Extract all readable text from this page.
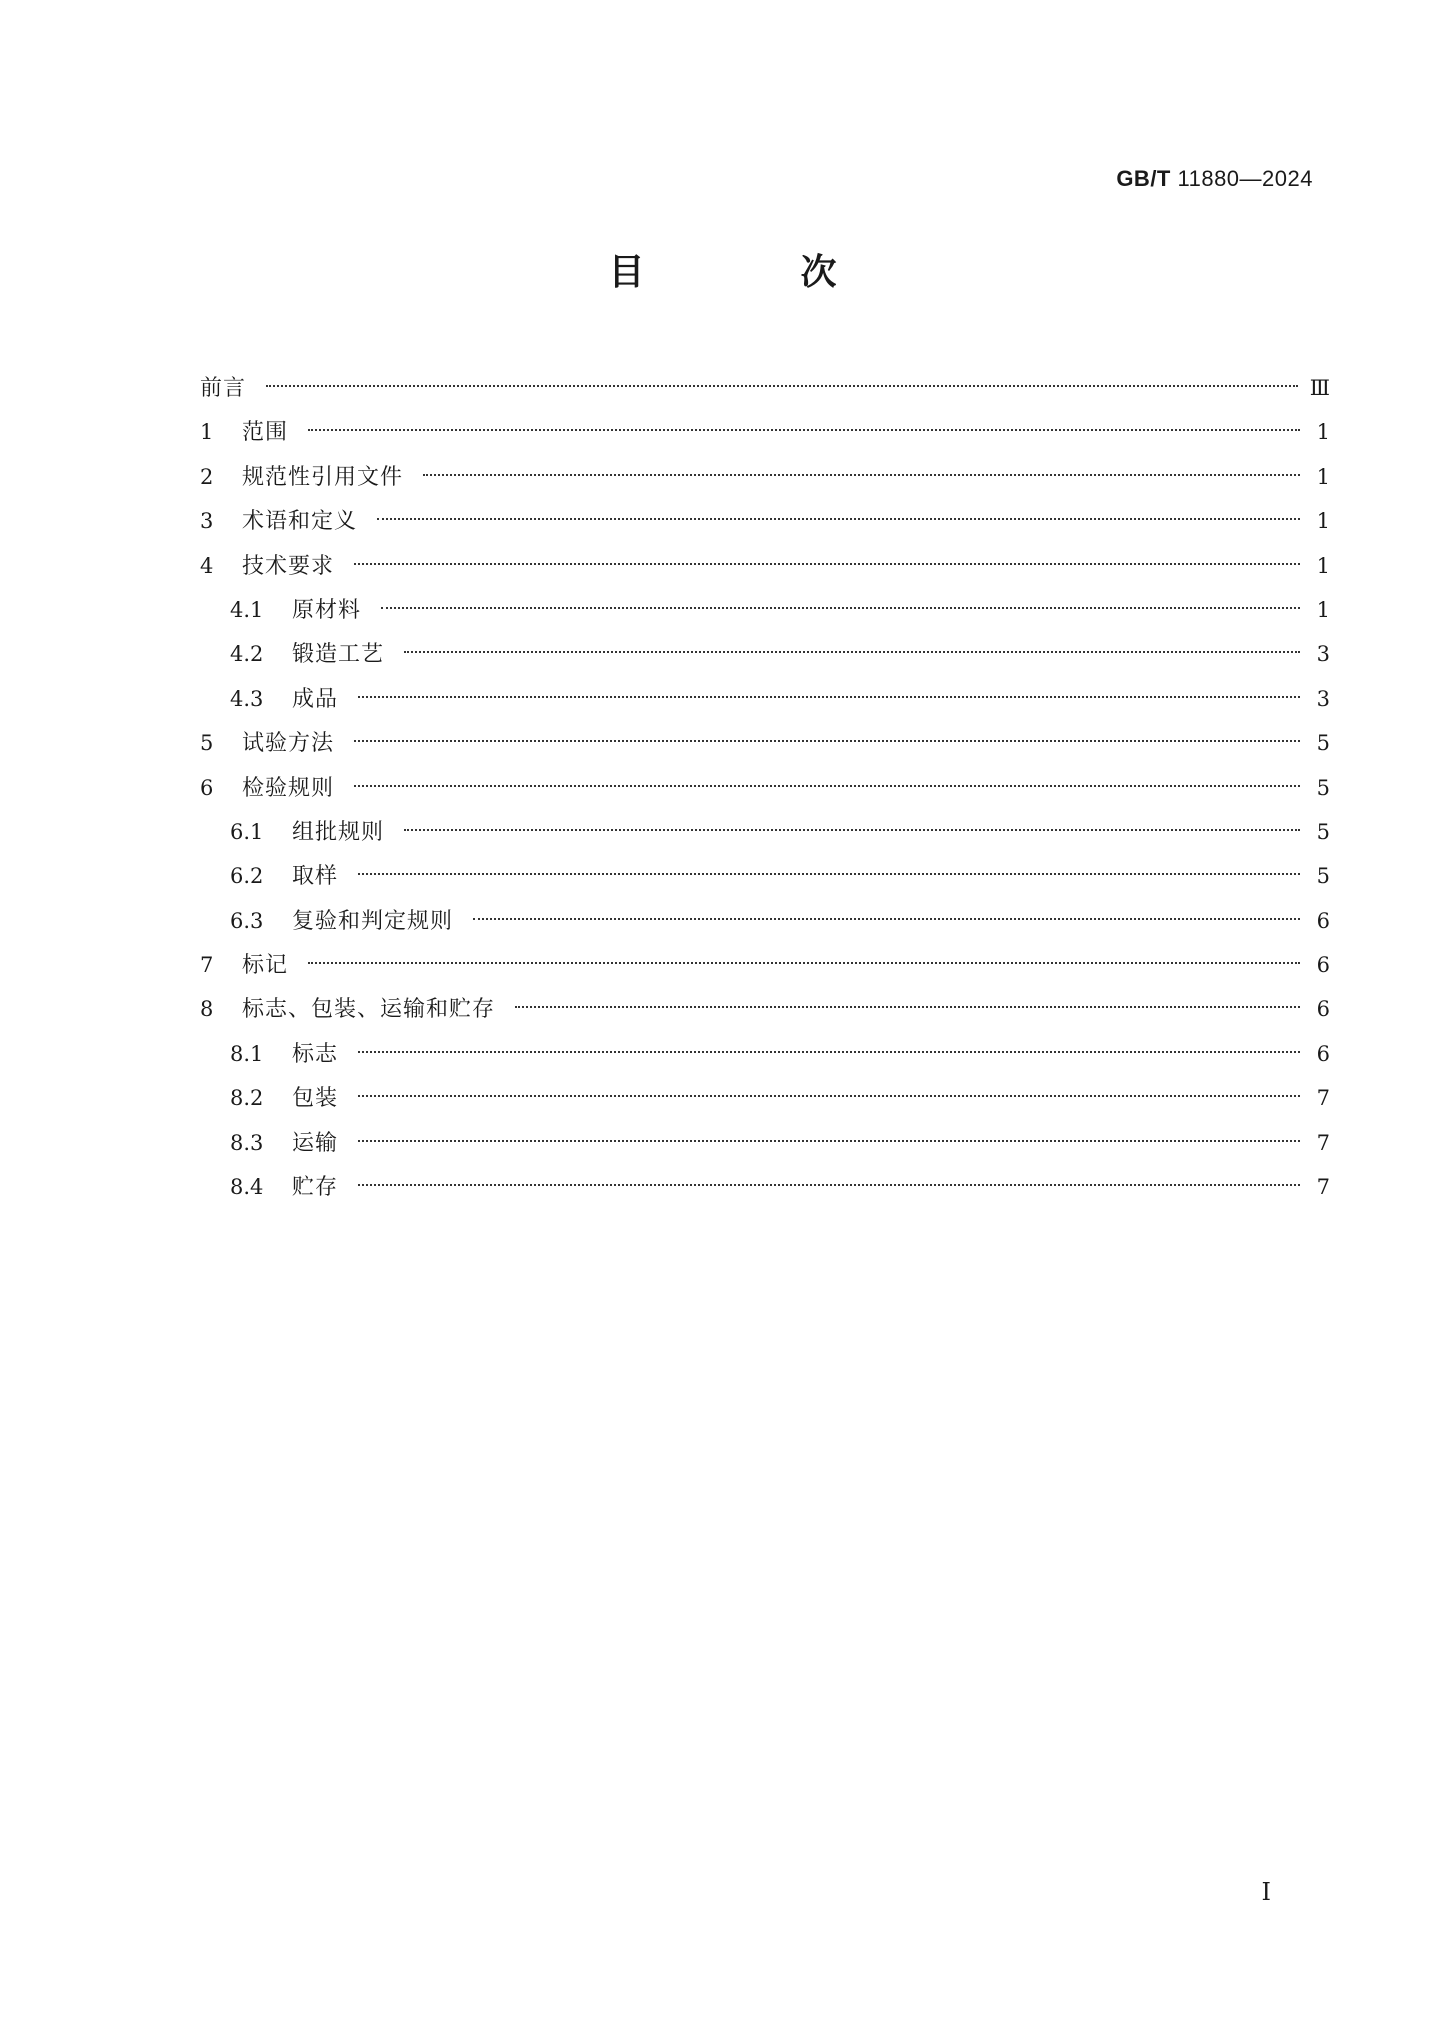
GB/T 11880—2024
目　次
前言	Ⅲ
1	范围	1
2	规范性引用文件	1
3	术语和定义	1
4	技术要求	1
4.1	原材料	1
4.2	锻造工艺	3
4.3	成品	3
5	试验方法	5
6	检验规则	5
6.1	组批规则	5
6.2	取样	5
6.3	复验和判定规则	6
7	标记	6
8	标志、包装、运输和贮存	6
8.1	标志	6
8.2	包装	7
8.3	运输	7
8.4	贮存	7
Ⅰ
